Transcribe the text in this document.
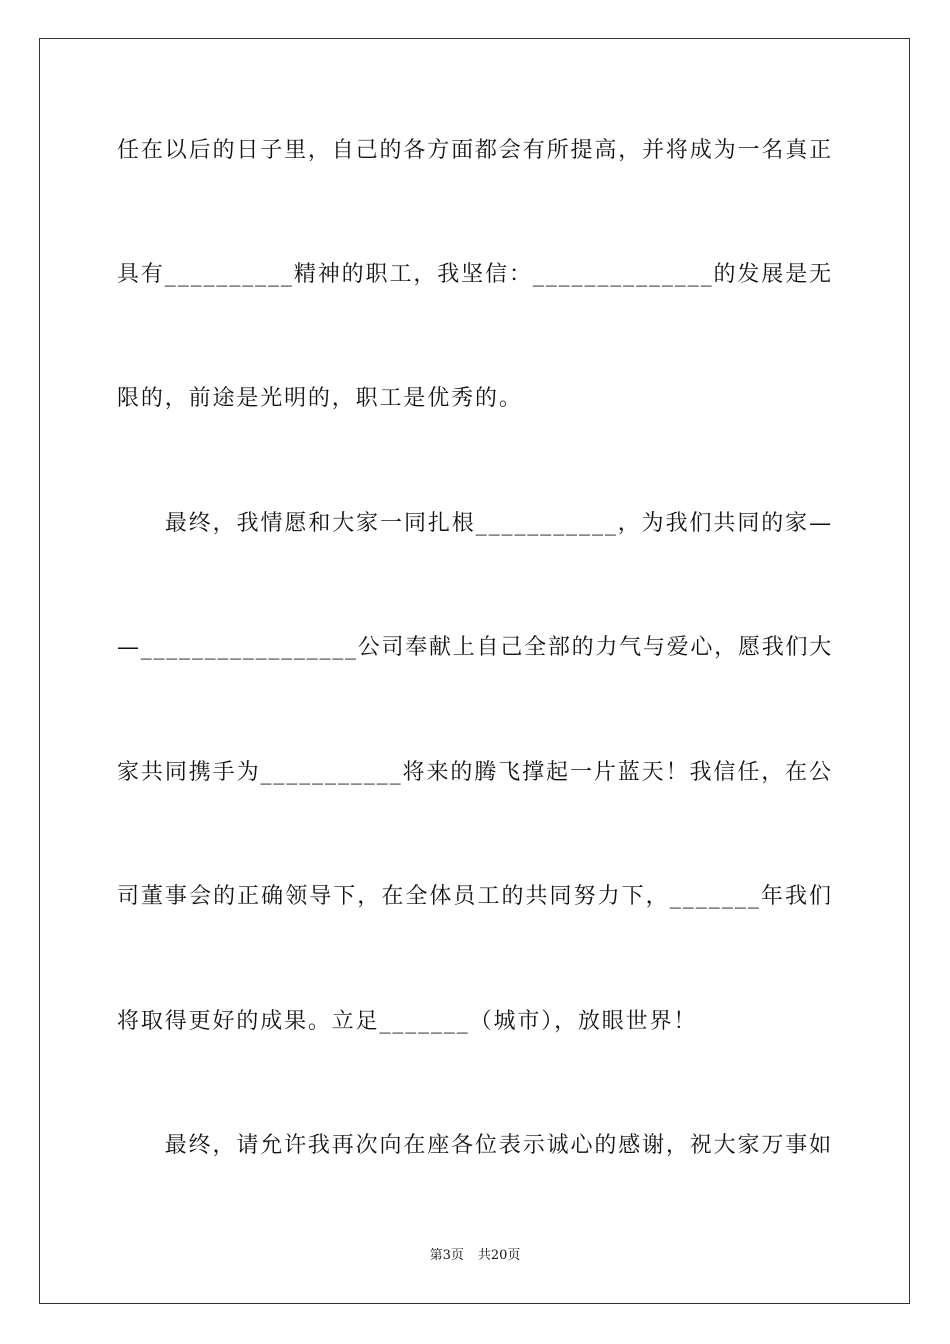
任在以后的日子里，自己的各方面都会有所提高，并将成为一名真正
具有__________精神的职工，我坚信：______________的发展是无
限的，前途是光明的，职工是优秀的。
　　最终，我情愿和大家一同扎根___________，为我们共同的家—
—_________________公司奉献上自己全部的力气与爱心，愿我们大
家共同携手为___________将来的腾飞撑起一片蓝天！我信任，在公
司董事会的正确领导下，在全体员工的共同努力下，_______年我们
将取得更好的成果。立足_______（城市），放眼世界！
　　最终，请允许我再次向在座各位表示诚心的感谢，祝大家万事如
第3页 共20页
